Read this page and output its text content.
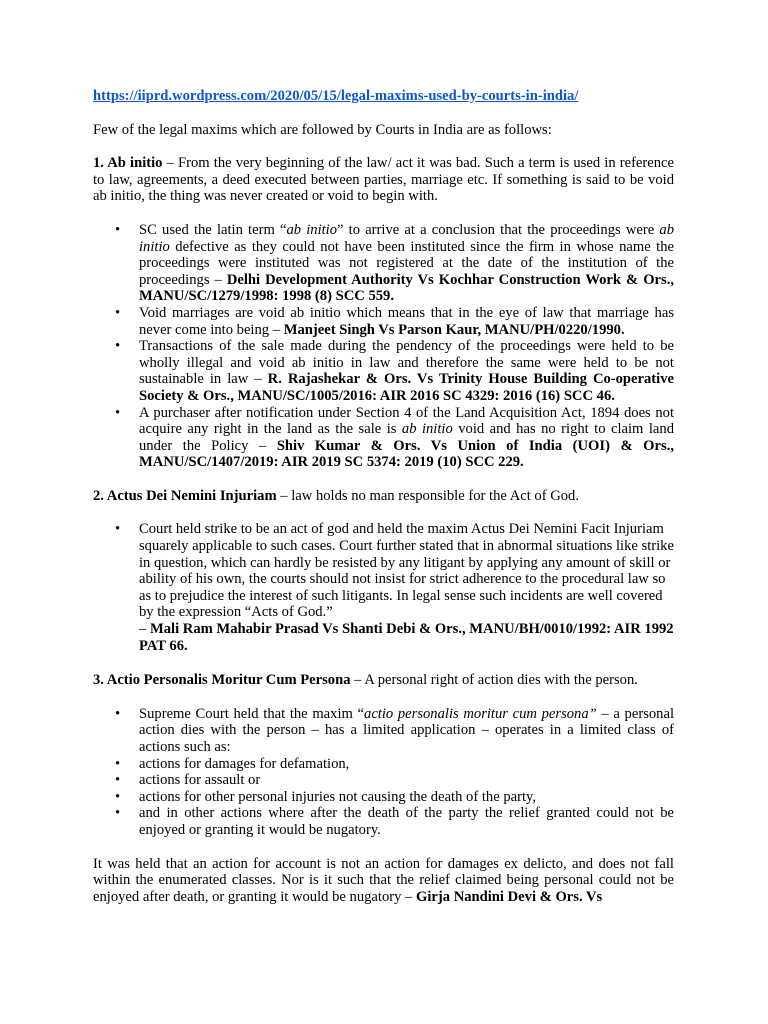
https://iiprd.wordpress.com/2020/05/15/legal-maxims-used-by-courts-in-india/

Few of the legal maxims which are followed by Courts in India are as follows:

1. Ab initio – From the very beginning of the law/ act it was bad. Such a term is used in reference to law, agreements, a deed executed between parties, marriage etc. If something is said to be void ab initio, the thing was never created or void to begin with.

• SC used the latin term “ab initio” to arrive at a conclusion that the proceedings were ab initio defective as they could not have been instituted since the firm in whose name the proceedings were instituted was not registered at the date of the institution of the proceedings – Delhi Development Authority Vs Kochhar Construction Work & Ors., MANU/SC/1279/1998: 1998 (8) SCC 559.
• Void marriages are void ab initio which means that in the eye of law that marriage has never come into being – Manjeet Singh Vs Parson Kaur, MANU/PH/0220/1990.
• Transactions of the sale made during the pendency of the proceedings were held to be wholly illegal and void ab initio in law and therefore the same were held to be not sustainable in law – R. Rajashekar & Ors. Vs Trinity House Building Co-operative Society & Ors., MANU/SC/1005/2016: AIR 2016 SC 4329: 2016 (16) SCC 46.
• A purchaser after notification under Section 4 of the Land Acquisition Act, 1894 does not acquire any right in the land as the sale is ab initio void and has no right to claim land under the Policy – Shiv Kumar & Ors. Vs Union of India (UOI) & Ors., MANU/SC/1407/2019: AIR 2019 SC 5374: 2019 (10) SCC 229.

2. Actus Dei Nemini Injuriam – law holds no man responsible for the Act of God.

• Court held strike to be an act of god and held the maxim Actus Dei Nemini Facit Injuriam squarely applicable to such cases. Court further stated that in abnormal situations like strike in question, which can hardly be resisted by any litigant by applying any amount of skill or ability of his own, the courts should not insist for strict adherence to the procedural law so as to prejudice the interest of such litigants. In legal sense such incidents are well covered by the expression “Acts of God.”
– Mali Ram Mahabir Prasad Vs Shanti Debi & Ors., MANU/BH/0010/1992: AIR 1992 PAT 66.

3. Actio Personalis Moritur Cum Persona – A personal right of action dies with the person.

• Supreme Court held that the maxim “actio personalis moritur cum persona” – a personal action dies with the person – has a limited application – operates in a limited class of actions such as:
• actions for damages for defamation,
• actions for assault or
• actions for other personal injuries not causing the death of the party,
• and in other actions where after the death of the party the relief granted could not be enjoyed or granting it would be nugatory.

It was held that an action for account is not an action for damages ex delicto, and does not fall within the enumerated classes. Nor is it such that the relief claimed being personal could not be enjoyed after death, or granting it would be nugatory – Girja Nandini Devi & Ors. Vs
